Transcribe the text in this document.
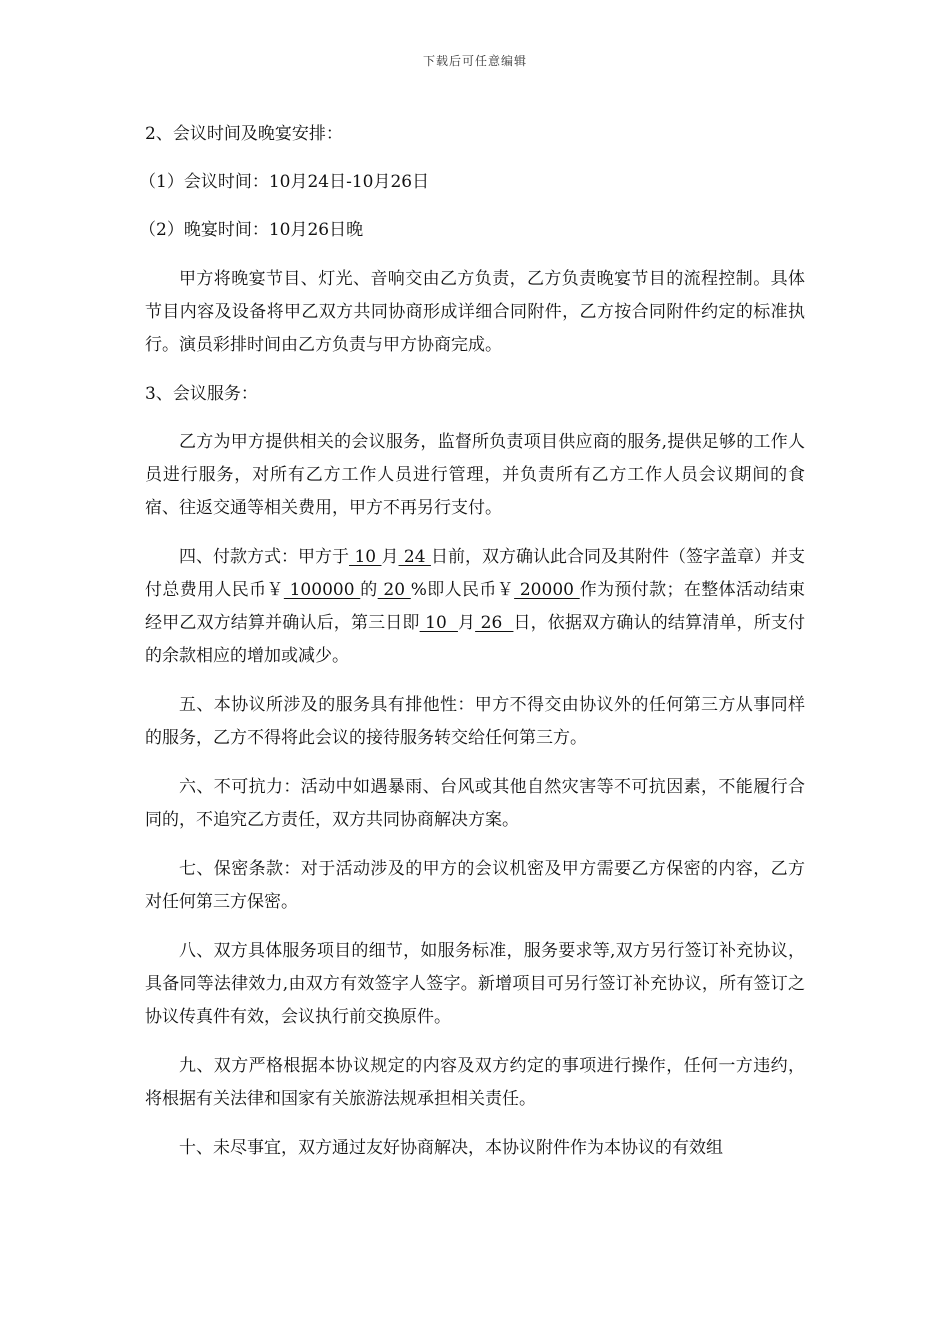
下载后可任意编辑

2、会议时间及晚宴安排：

（1）会议时间：10月24日-10月26日

（2）晚宴时间：10月26日晚

甲方将晚宴节目、灯光、音响交由乙方负责，乙方负责晚宴节目的流程控制。具体节目内容及设备将甲乙双方共同协商形成详细合同附件，乙方按合同附件约定的标准执行。演员彩排时间由乙方负责与甲方协商完成。

3、会议服务：

乙方为甲方提供相关的会议服务，监督所负责项目供应商的服务,提供足够的工作人员进行服务，对所有乙方工作人员进行管理，并负责所有乙方工作人员会议期间的食宿、往返交通等相关费用，甲方不再另行支付。

四、付款方式：甲方于 10 月 24 日前，双方确认此合同及其附件（签字盖章）并支付总费用人民币￥ 100000 的 20 %即人民币￥ 20000 作为预付款；在整体活动结束经甲乙双方结算并确认后，第三日即 10  月 26  日，依据双方确认的结算清单，所支付的余款相应的增加或减少。

五、本协议所涉及的服务具有排他性：甲方不得交由协议外的任何第三方从事同样的服务，乙方不得将此会议的接待服务转交给任何第三方。

六、不可抗力：活动中如遇暴雨、台风或其他自然灾害等不可抗因素，不能履行合同的，不追究乙方责任，双方共同协商解决方案。

七、保密条款：对于活动涉及的甲方的会议机密及甲方需要乙方保密的内容，乙方对任何第三方保密。

八、双方具体服务项目的细节，如服务标准，服务要求等,双方另行签订补充协议，具备同等法律效力,由双方有效签字人签字。新增项目可另行签订补充协议，所有签订之协议传真件有效，会议执行前交换原件。

九、双方严格根据本协议规定的内容及双方约定的事项进行操作，任何一方违约，将根据有关法律和国家有关旅游法规承担相关责任。

十、未尽事宜，双方通过友好协商解决，本协议附件作为本协议的有效组
